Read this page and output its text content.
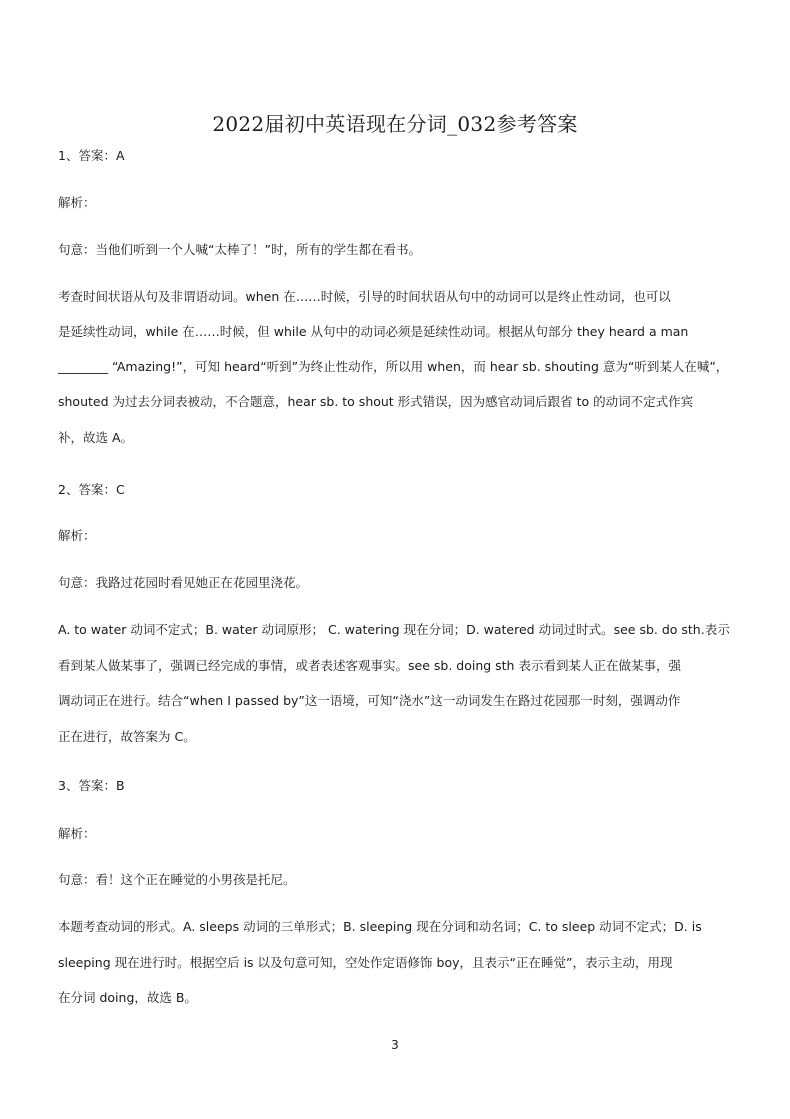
2022届初中英语现在分词_032参考答案
1、答案：A
解析：
句意：当他们听到一个人喊“太棒了！”时，所有的学生都在看书。
考查时间状语从句及非谓语动词。when 在……时候，引导的时间状语从句中的动词可以是终止性动词，也可以
是延续性动词，while 在……时候，但 while 从句中的动词必须是延续性动词。根据从句部分 they heard a man
________ “Amazing!”，可知 heard“听到”为终止性动作，所以用 when，而 hear sb. shouting 意为“听到某人在喊”，
shouted 为过去分词表被动，不合题意，hear sb. to shout 形式错误，因为感官动词后跟省 to 的动词不定式作宾
补，故选 A。
2、答案：C
解析：
句意：我路过花园时看见她正在花园里浇花。
A. to water 动词不定式；B. water 动词原形； C. watering 现在分词；D. watered 动词过时式。see sb. do sth.表示
看到某人做某事了，强调已经完成的事情，或者表述客观事实。see sb. doing sth 表示看到某人正在做某事，强
调动词正在进行。结合“when I passed by”这一语境，可知“浇水”这一动词发生在路过花园那一时刻，强调动作
正在进行，故答案为 C。
3、答案：B
解析：
句意：看！这个正在睡觉的小男孩是托尼。
本题考查动词的形式。A. sleeps 动词的三单形式；B. sleeping 现在分词和动名词；C. to sleep 动词不定式；D. is
sleeping 现在进行时。根据空后 is 以及句意可知，空处作定语修饰 boy，且表示“正在睡觉”，表示主动，用现
在分词 doing，故选 B。
3
